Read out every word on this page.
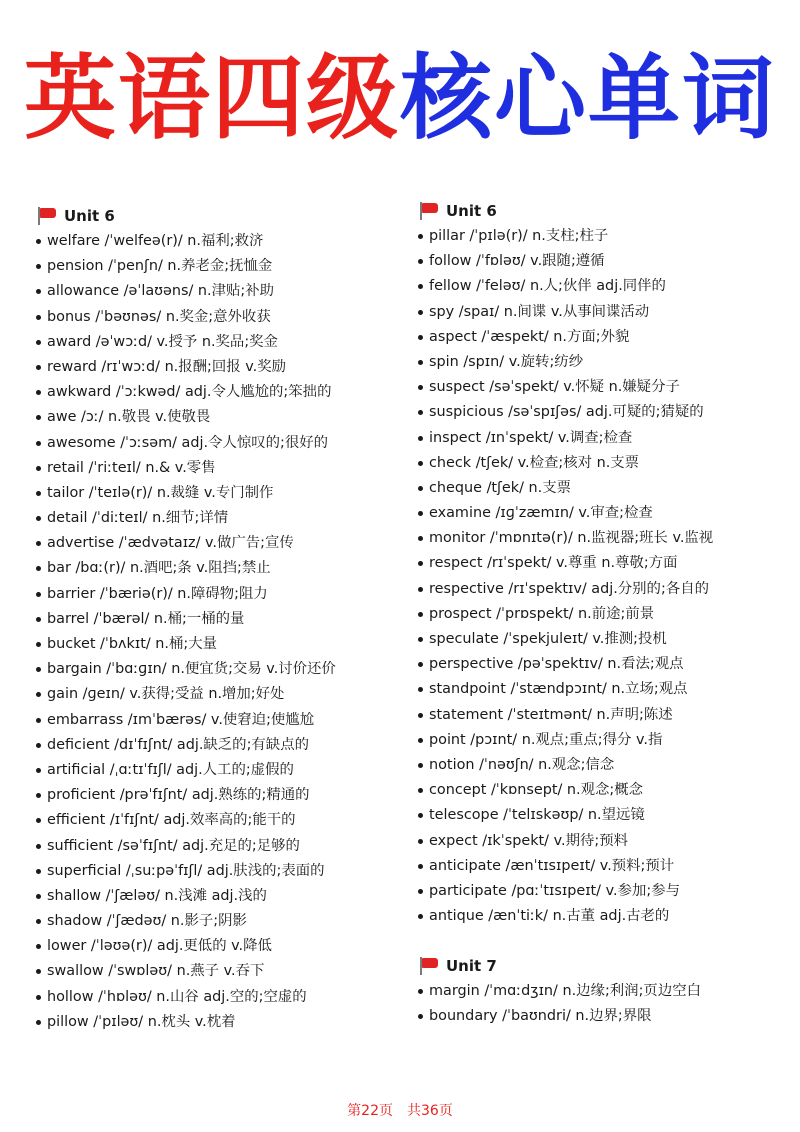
英语四级核心单词
Unit 6
welfare /ˈwelfeə(r)/ n.福利;救济
pension /ˈpenʃn/ n.养老金;抚恤金
allowance /əˈlaʊəns/ n.津贴;补助
bonus /ˈbəʊnəs/ n.奖金;意外收获
award /əˈwɔːd/ v.授予 n.奖品;奖金
reward /rɪˈwɔːd/ n.报酬;回报 v.奖励
awkward /ˈɔːkwəd/ adj.令人尴尬的;笨拙的
awe /ɔː/ n.敬畏 v.使敬畏
awesome /ˈɔːsəm/ adj.令人惊叹的;很好的
retail /ˈriːteɪl/ n.& v.零售
tailor /ˈteɪlə(r)/ n.裁缝 v.专门制作
detail /ˈdiːteɪl/ n.细节;详情
advertise /ˈædvətaɪz/ v.做广告;宣传
bar /bɑː(r)/ n.酒吧;条 v.阻挡;禁止
barrier /ˈbæriə(r)/ n.障碍物;阻力
barrel /ˈbærəl/ n.桶;一桶的量
bucket /ˈbʌkɪt/ n.桶;大量
bargain /ˈbɑːɡɪn/ n.便宜货;交易 v.讨价还价
gain /ɡeɪn/ v.获得;受益 n.增加;好处
embarrass /ɪmˈbærəs/ v.使窘迫;使尴尬
deficient /dɪˈfɪʃnt/ adj.缺乏的;有缺点的
artificial /ˌɑːtɪˈfɪʃl/ adj.人工的;虚假的
proficient /prəˈfɪʃnt/ adj.熟练的;精通的
efficient /ɪˈfɪʃnt/ adj.效率高的;能干的
sufficient /səˈfɪʃnt/ adj.充足的;足够的
superficial /ˌsuːpəˈfɪʃl/ adj.肤浅的;表面的
shallow /ˈʃæləʊ/ n.浅滩 adj.浅的
shadow /ˈʃædəʊ/ n.影子;阴影
lower /ˈləʊə(r)/ adj.更低的 v.降低
swallow /ˈswɒləʊ/ n.燕子 v.吞下
hollow /ˈhɒləʊ/ n.山谷 adj.空的;空虚的
pillow /ˈpɪləʊ/ n.枕头 v.枕着
Unit 6
pillar /ˈpɪlə(r)/ n.支柱;柱子
follow /ˈfɒləʊ/ v.跟随;遵循
fellow /ˈfeləʊ/ n.人;伙伴 adj.同伴的
spy /spaɪ/ n.间谍 v.从事间谍活动
aspect /ˈæspekt/ n.方面;外貌
spin /spɪn/ v.旋转;纺纱
suspect /səˈspekt/ v.怀疑 n.嫌疑分子
suspicious /səˈspɪʃəs/ adj.可疑的;猜疑的
inspect /ɪnˈspekt/ v.调查;检查
check /tʃek/ v.检查;核对 n.支票
cheque /tʃek/ n.支票
examine /ɪɡˈzæmɪn/ v.审查;检查
monitor /ˈmɒnɪtə(r)/ n.监视器;班长 v.监视
respect /rɪˈspekt/ v.尊重 n.尊敬;方面
respective /rɪˈspektɪv/ adj.分别的;各自的
prospect /ˈprɒspekt/ n.前途;前景
speculate /ˈspekjuleɪt/ v.推测;投机
perspective /pəˈspektɪv/ n.看法;观点
standpoint /ˈstændpɔɪnt/ n.立场;观点
statement /ˈsteɪtmənt/ n.声明;陈述
point /pɔɪnt/ n.观点;重点;得分 v.指
notion /ˈnəʊʃn/ n.观念;信念
concept /ˈkɒnsept/ n.观念;概念
telescope /ˈtelɪskəʊp/ n.望远镜
expect /ɪkˈspekt/ v.期待;预料
anticipate /ænˈtɪsɪpeɪt/ v.预料;预计
participate /pɑːˈtɪsɪpeɪt/ v.参加;参与
antique /ænˈtiːk/ n.古董 adj.古老的
Unit 7
margin /ˈmɑːdʒɪn/ n.边缘;利润;页边空白
boundary /ˈbaʊndri/ n.边界;界限
第22页 共36页
